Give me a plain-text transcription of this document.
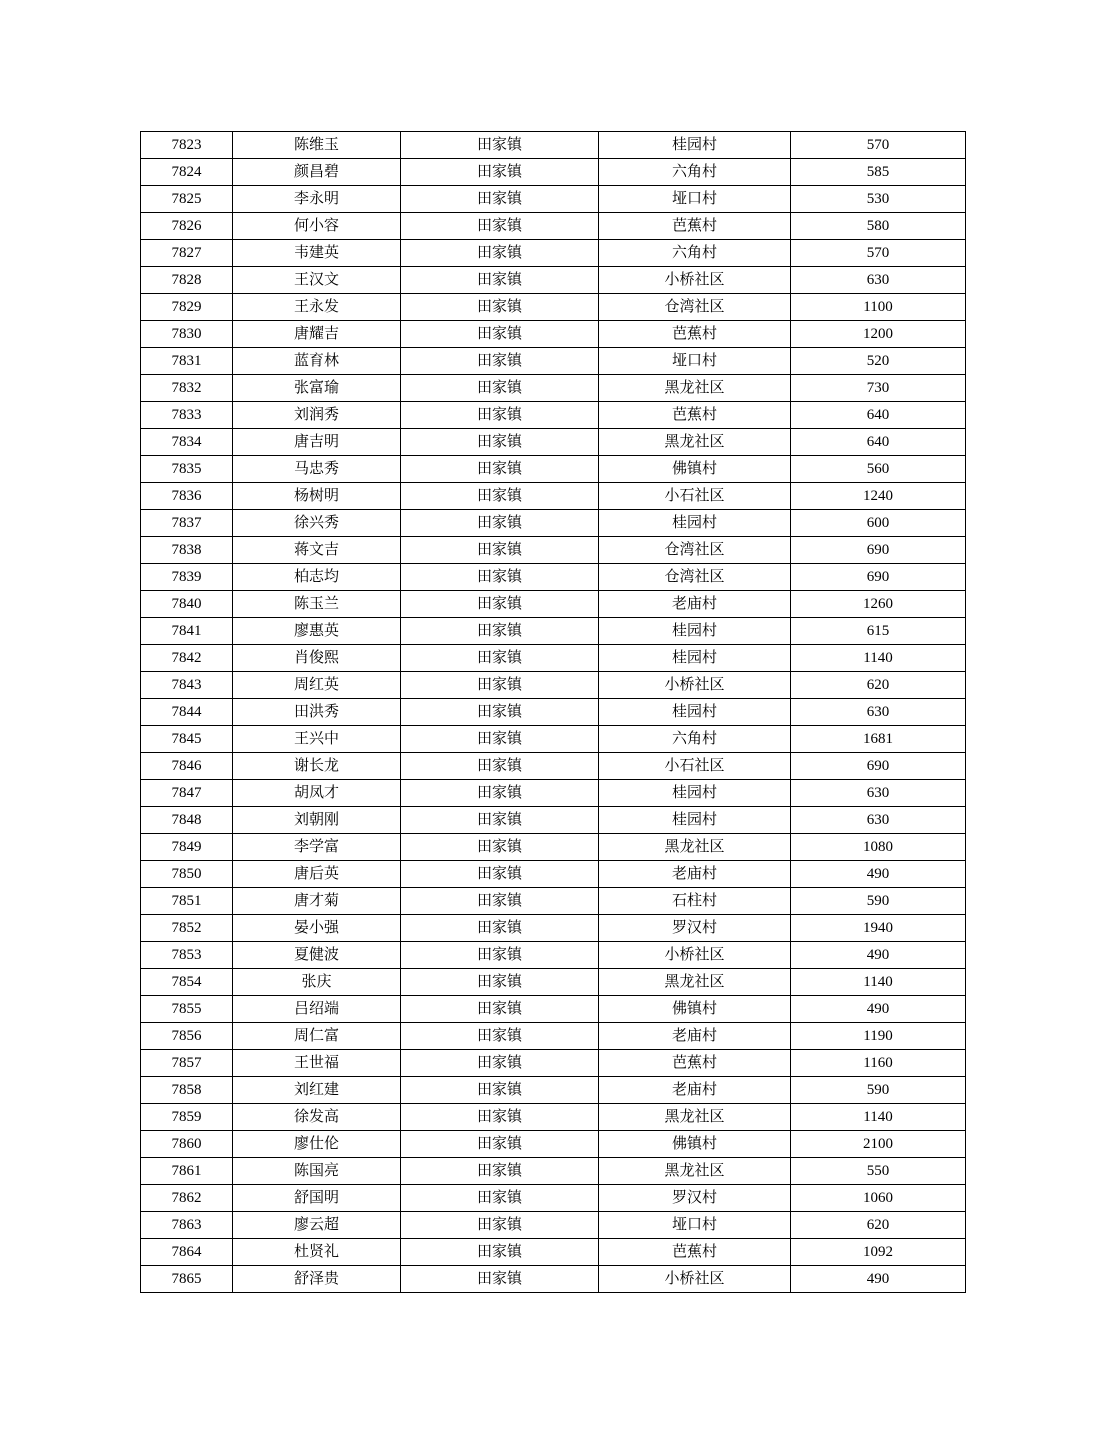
7823	陈维玉	田家镇	桂园村	570
7824	颜昌碧	田家镇	六角村	585
7825	李永明	田家镇	垭口村	530
7826	何小容	田家镇	芭蕉村	580
7827	韦建英	田家镇	六角村	570
7828	王汉文	田家镇	小桥社区	630
7829	王永发	田家镇	仓湾社区	1100
7830	唐耀吉	田家镇	芭蕉村	1200
7831	蓝育林	田家镇	垭口村	520
7832	张富瑜	田家镇	黑龙社区	730
7833	刘润秀	田家镇	芭蕉村	640
7834	唐吉明	田家镇	黑龙社区	640
7835	马忠秀	田家镇	佛镇村	560
7836	杨树明	田家镇	小石社区	1240
7837	徐兴秀	田家镇	桂园村	600
7838	蒋文吉	田家镇	仓湾社区	690
7839	柏志均	田家镇	仓湾社区	690
7840	陈玉兰	田家镇	老庙村	1260
7841	廖惠英	田家镇	桂园村	615
7842	肖俊熙	田家镇	桂园村	1140
7843	周红英	田家镇	小桥社区	620
7844	田洪秀	田家镇	桂园村	630
7845	王兴中	田家镇	六角村	1681
7846	谢长龙	田家镇	小石社区	690
7847	胡凤才	田家镇	桂园村	630
7848	刘朝刚	田家镇	桂园村	630
7849	李学富	田家镇	黑龙社区	1080
7850	唐后英	田家镇	老庙村	490
7851	唐才菊	田家镇	石柱村	590
7852	晏小强	田家镇	罗汉村	1940
7853	夏健波	田家镇	小桥社区	490
7854	张庆	田家镇	黑龙社区	1140
7855	吕绍端	田家镇	佛镇村	490
7856	周仁富	田家镇	老庙村	1190
7857	王世福	田家镇	芭蕉村	1160
7858	刘红建	田家镇	老庙村	590
7859	徐发高	田家镇	黑龙社区	1140
7860	廖仕伦	田家镇	佛镇村	2100
7861	陈国亮	田家镇	黑龙社区	550
7862	舒国明	田家镇	罗汉村	1060
7863	廖云超	田家镇	垭口村	620
7864	杜贤礼	田家镇	芭蕉村	1092
7865	舒泽贵	田家镇	小桥社区	490
